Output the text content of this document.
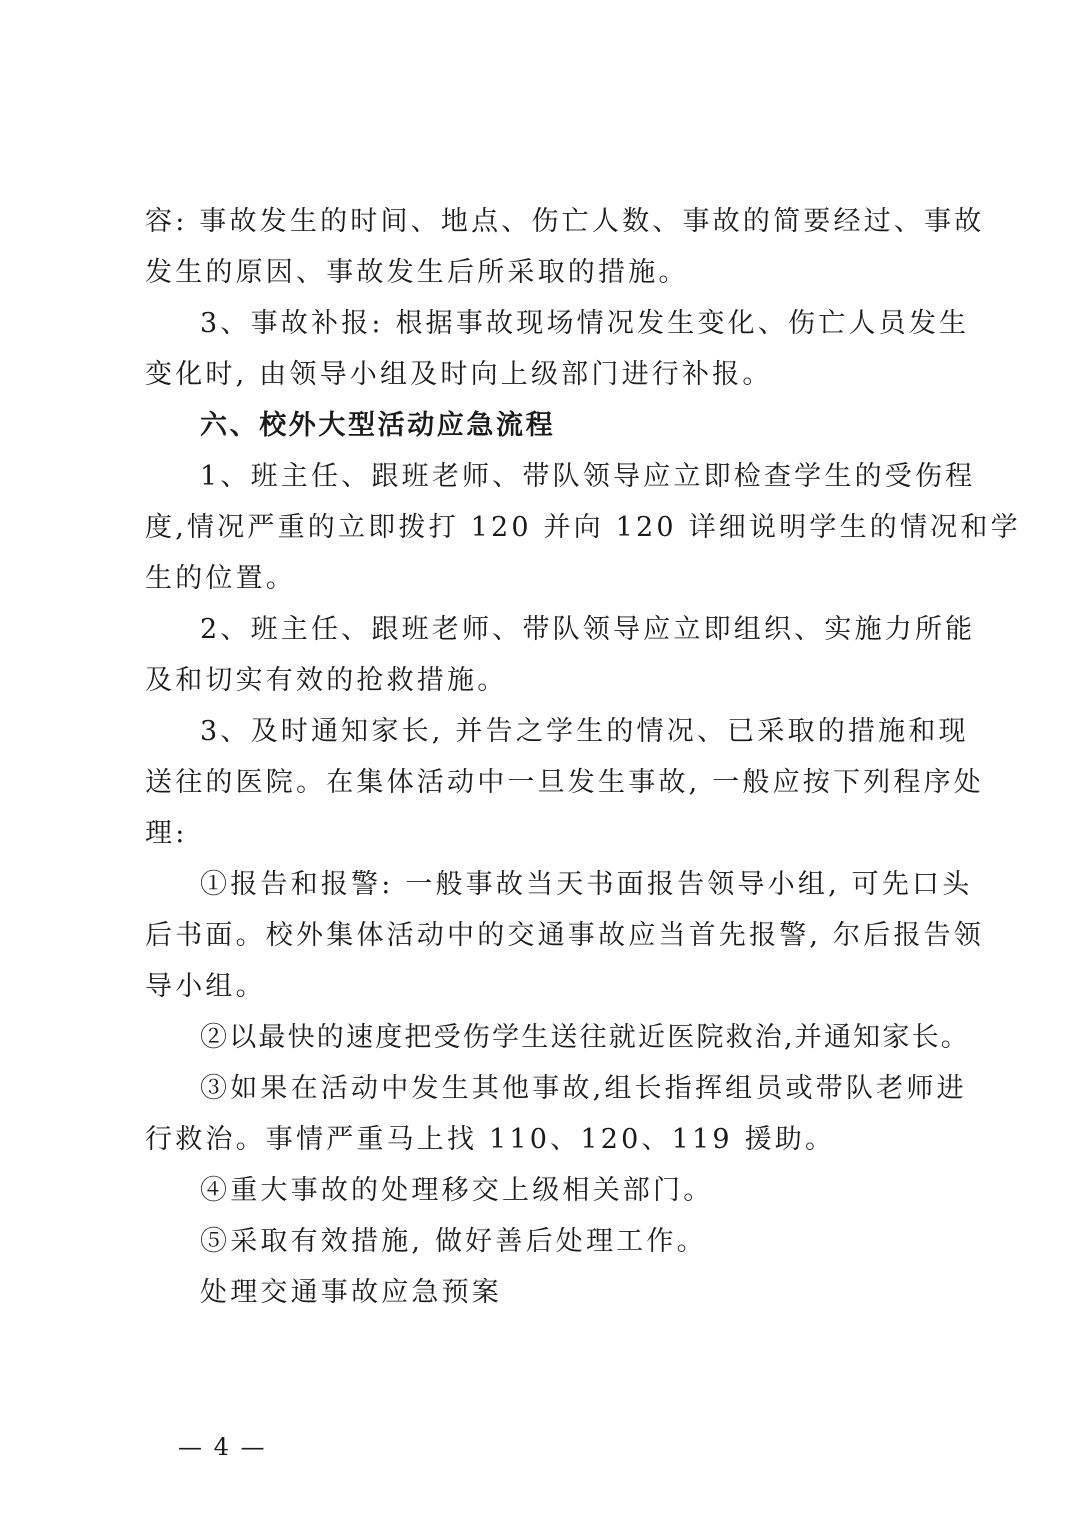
容: 事故发生的时间、地点、伤亡人数、事故的简要经过、事故
发生的原因、事故发生后所采取的措施。
3、事故补报: 根据事故现场情况发生变化、伤亡人员发生
变化时, 由领导小组及时向上级部门进行补报。
六、校外大型活动应急流程
1、班主任、跟班老师、带队领导应立即检查学生的受伤程
度,情况严重的立即拨打 120 并向 120 详细说明学生的情况和学
生的位置。
2、班主任、跟班老师、带队领导应立即组织、实施力所能
及和切实有效的抢救措施。
3、及时通知家长, 并告之学生的情况、已采取的措施和现
送往的医院。在集体活动中一旦发生事故, 一般应按下列程序处
理:
①报告和报警: 一般事故当天书面报告领导小组, 可先口头
后书面。校外集体活动中的交通事故应当首先报警, 尔后报告领
导小组。
②以最快的速度把受伤学生送往就近医院救治,并通知家长。
③如果在活动中发生其他事故,组长指挥组员或带队老师进
行救治。事情严重马上找 110、120、119 援助。
④重大事故的处理移交上级相关部门。
⑤采取有效措施, 做好善后处理工作。
处理交通事故应急预案
— 4 —
